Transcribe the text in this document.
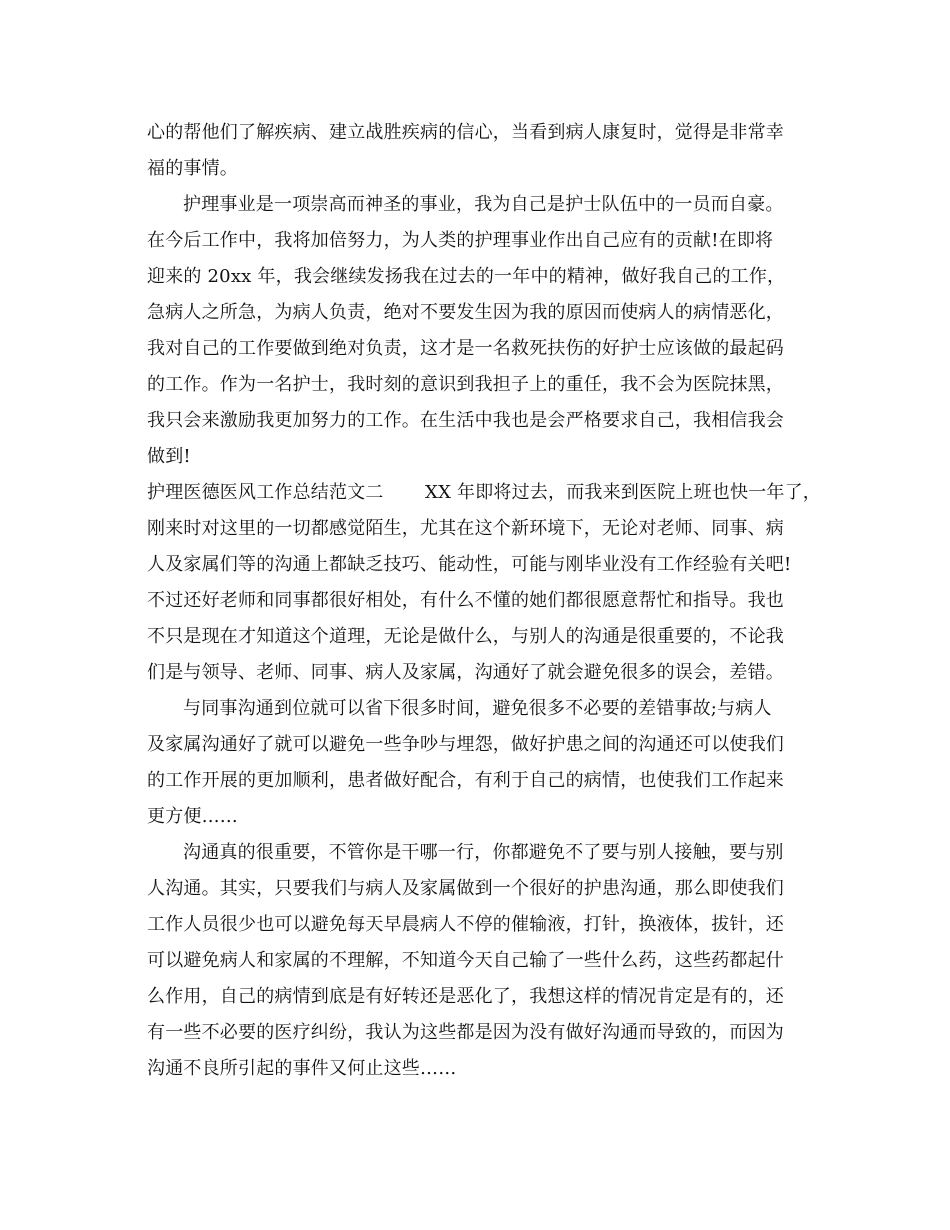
心的帮他们了解疾病、建立战胜疾病的信心，当看到病人康复时，觉得是非常幸
福的事情。
护理事业是一项崇高而神圣的事业，我为自己是护士队伍中的一员而自豪。
在今后工作中，我将加倍努力，为人类的护理事业作出自己应有的贡献!在即将
迎来的 20xx 年，我会继续发扬我在过去的一年中的精神，做好我自己的工作，
急病人之所急，为病人负责，绝对不要发生因为我的原因而使病人的病情恶化，
我对自己的工作要做到绝对负责，这才是一名救死扶伤的好护士应该做的最起码
的工作。作为一名护士，我时刻的意识到我担子上的重任，我不会为医院抹黑，
我只会来激励我更加努力的工作。在生活中我也是会严格要求自己，我相信我会
做到!
护理医德医风工作总结范文二       XX 年即将过去，而我来到医院上班也快一年了，
刚来时对这里的一切都感觉陌生，尤其在这个新环境下，无论对老师、同事、病
人及家属们等的沟通上都缺乏技巧、能动性，可能与刚毕业没有工作经验有关吧!
不过还好老师和同事都很好相处，有什么不懂的她们都很愿意帮忙和指导。我也
不只是现在才知道这个道理，无论是做什么，与别人的沟通是很重要的，不论我
们是与领导、老师、同事、病人及家属，沟通好了就会避免很多的误会，差错。
与同事沟通到位就可以省下很多时间，避免很多不必要的差错事故;与病人
及家属沟通好了就可以避免一些争吵与埋怨，做好护患之间的沟通还可以使我们
的工作开展的更加顺利，患者做好配合，有利于自己的病情，也使我们工作起来
更方便……
沟通真的很重要，不管你是干哪一行，你都避免不了要与别人接触，要与别
人沟通。其实，只要我们与病人及家属做到一个很好的护患沟通，那么即使我们
工作人员很少也可以避免每天早晨病人不停的催输液，打针，换液体，拔针，还
可以避免病人和家属的不理解，不知道今天自己输了一些什么药，这些药都起什
么作用，自己的病情到底是有好转还是恶化了，我想这样的情况肯定是有的，还
有一些不必要的医疗纠纷，我认为这些都是因为没有做好沟通而导致的，而因为
沟通不良所引起的事件又何止这些……
